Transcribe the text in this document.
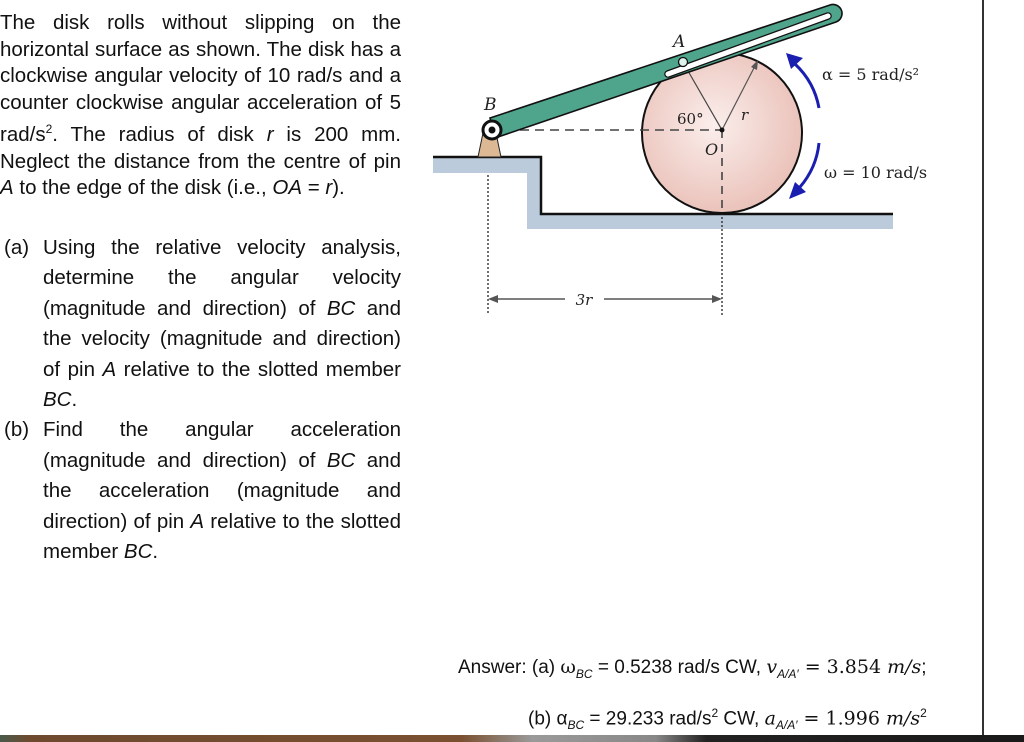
The disk rolls without slipping on the horizontal surface as shown. The disk has a clockwise angular velocity of 10 rad/s and a counter clockwise angular acceleration of 5 rad/$s^2$. The radius of disk r is 200 mm. Neglect the distance from the centre of pin A to the edge of the disk (i.e., OA = r).

(a) Using the relative velocity analysis, determine the angular velocity (magnitude and direction) of BC and the velocity (magnitude and direction) of pin A relative to the slotted member BC.
(b) Find the angular acceleration (magnitude and direction) of BC and the acceleration (magnitude and direction) of pin A relative to the slotted member BC.
3r
A
B
60° r
O
α = 5 rad/s²
ω = 10 rad/s
Answer: (a) $\omega_{BC} = 0.5238$ rad/s CW, $v_{A/A'} = 3.854$ m/s;
(b) $\alpha_{BC} = 29.233$ rad/$s^2$ CW, $a_{A/A'} = 1.996$ $m/s^2$
